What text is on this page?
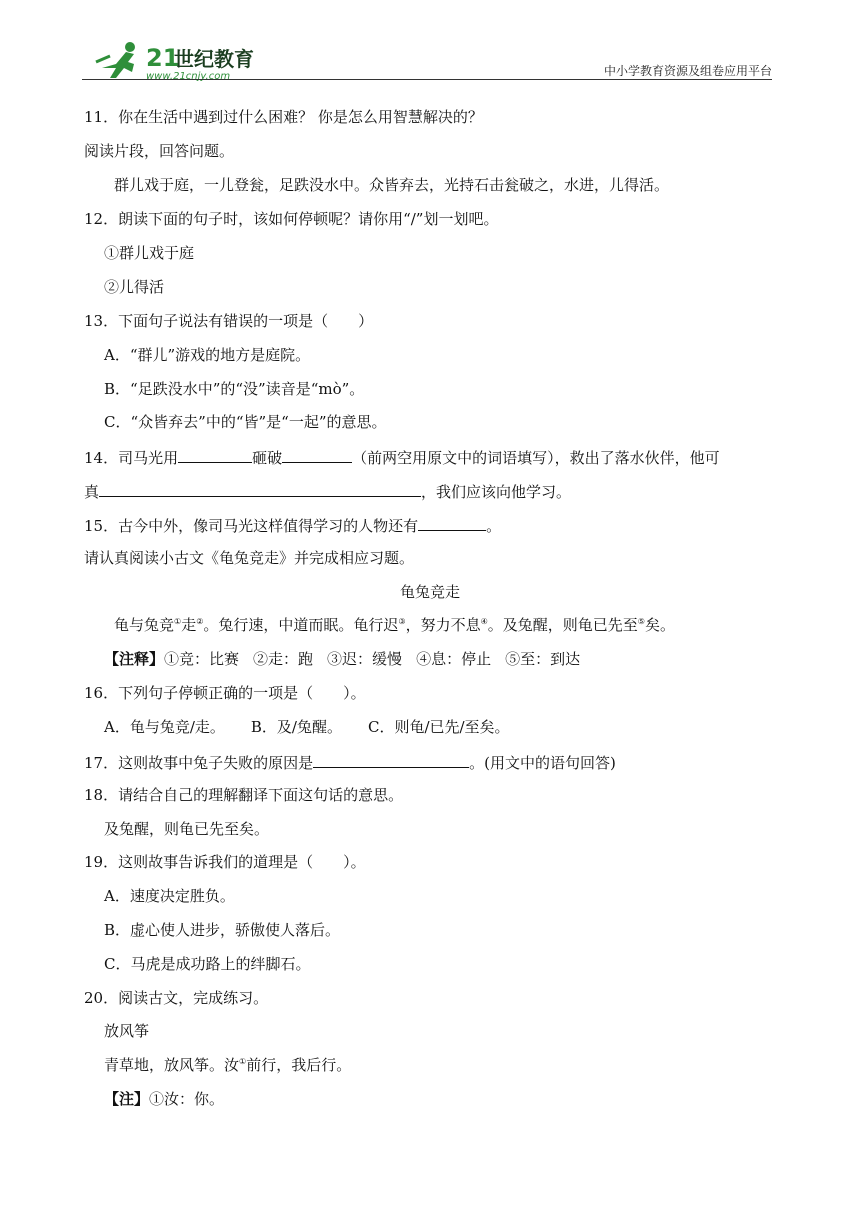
21
世纪教育
www.21cnjy.com	中小学教育资源及组卷应用平台
11．你在生活中遇到过什么困难？ 你是怎么用智慧解决的？
阅读片段，回答问题。
群儿戏于庭，一儿登瓮，足跌没水中。众皆弃去，光持石击瓮破之，水进，儿得活。
12．朗读下面的句子时，该如何停顿呢？请你用“/”划一划吧。
①群儿戏于庭
②儿得活
13．下面句子说法有错误的一项是（　　）
A．“群儿”游戏的地方是庭院。
B．“足跌没水中”的“没”读音是“mò”。
C．“众皆弃去”中的“皆”是“一起”的意思。
14．司马光用	砸破	（前两空用原文中的词语填写），救出了落水伙伴，他可
真	，我们应该向他学习。
15．古今中外，像司马光这样值得学习的人物还有	。
请认真阅读小古文《龟兔竞走》并完成相应习题。
龟兔竞走
龟与兔竞①走②。兔行速，中道而眠。龟行迟③，努力不息④。及兔醒，则龟已先至⑤矣。
【注释】①竞：比赛 ②走：跑 ③迟：缓慢 ④息：停止 ⑤至：到达
16．下列句子停顿正确的一项是（　　）。
A．龟与兔竞/走。 B．及/兔醒。 C．则龟/已先/至矣。
17．这则故事中兔子失败的原因是	。(用文中的语句回答)
18．请结合自己的理解翻译下面这句话的意思。
及兔醒，则龟已先至矣。
19．这则故事告诉我们的道理是（　　）。
A．速度决定胜负。
B．虚心使人进步，骄傲使人落后。
C．马虎是成功路上的绊脚石。
20．阅读古文，完成练习。
放风筝
青草地，放风筝。汝①前行，我后行。
【注】①汝：你。
